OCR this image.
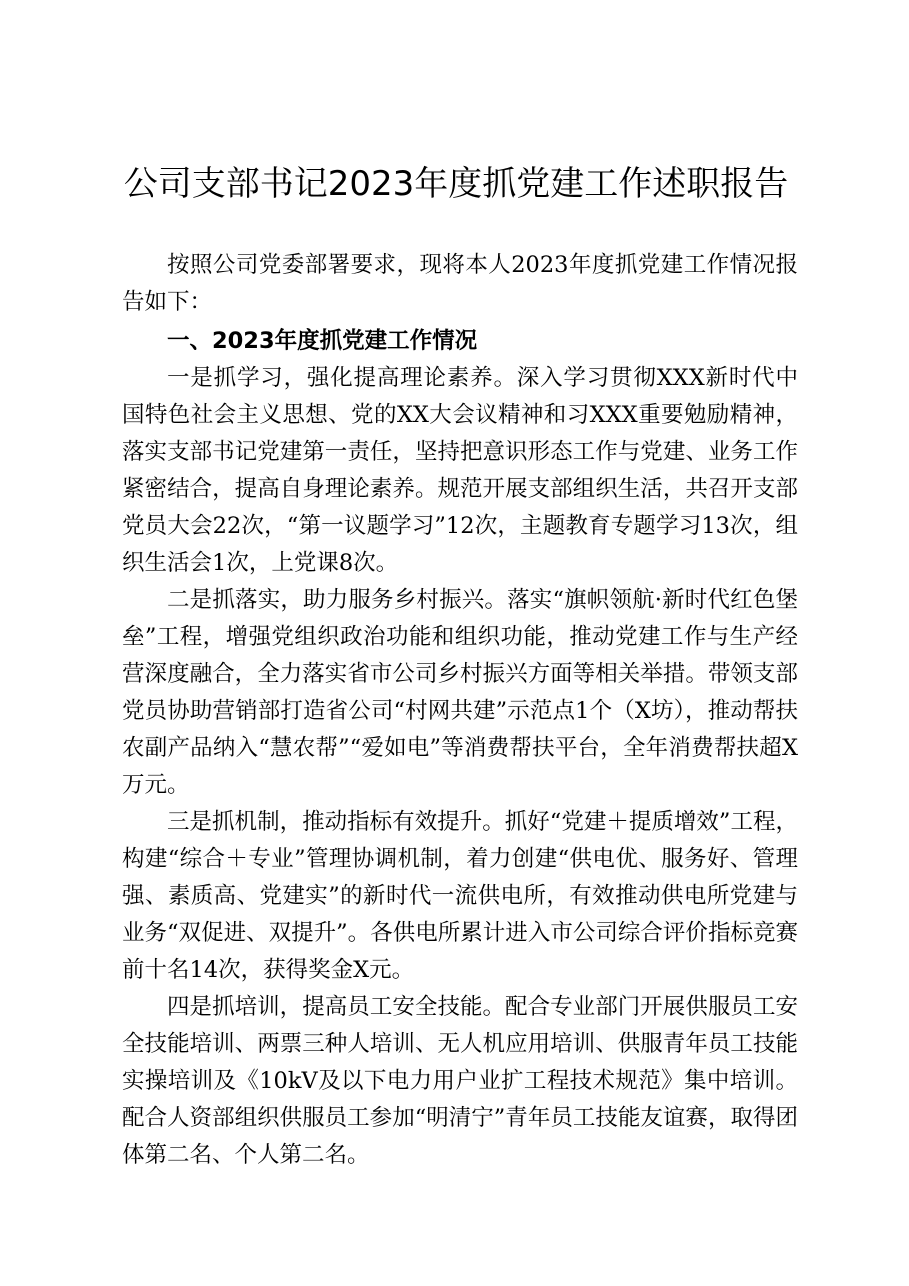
公司支部书记2023年度抓党建工作述职报告

按照公司党委部署要求，现将本人2023年度抓党建工作情况报告如下：

一、2023年度抓党建工作情况

一是抓学习，强化提高理论素养。深入学习贯彻XXX新时代中国特色社会主义思想、党的XX大会议精神和习XXX重要勉励精神，落实支部书记党建第一责任，坚持把意识形态工作与党建、业务工作紧密结合，提高自身理论素养。规范开展支部组织生活，共召开支部党员大会22次，“第一议题学习”12次，主题教育专题学习13次，组织生活会1次，上党课8次。

二是抓落实，助力服务乡村振兴。落实“旗帜领航·新时代红色堡垒”工程，增强党组织政治功能和组织功能，推动党建工作与生产经营深度融合，全力落实省市公司乡村振兴方面等相关举措。带领支部党员协助营销部打造省公司“村网共建”示范点1个（X坊），推动帮扶农副产品纳入“慧农帮”“爱如电”等消费帮扶平台，全年消费帮扶超X万元。

三是抓机制，推动指标有效提升。抓好“党建＋提质增效”工程，构建“综合＋专业”管理协调机制，着力创建“供电优、服务好、管理强、素质高、党建实”的新时代一流供电所，有效推动供电所党建与业务“双促进、双提升”。各供电所累计进入市公司综合评价指标竞赛前十名14次，获得奖金X元。

四是抓培训，提高员工安全技能。配合专业部门开展供服员工安全技能培训、两票三种人培训、无人机应用培训、供服青年员工技能实操培训及《10kV及以下电力用户业扩工程技术规范》集中培训。配合人资部组织供服员工参加“明清宁”青年员工技能友谊赛，取得团体第二名、个人第二名。
